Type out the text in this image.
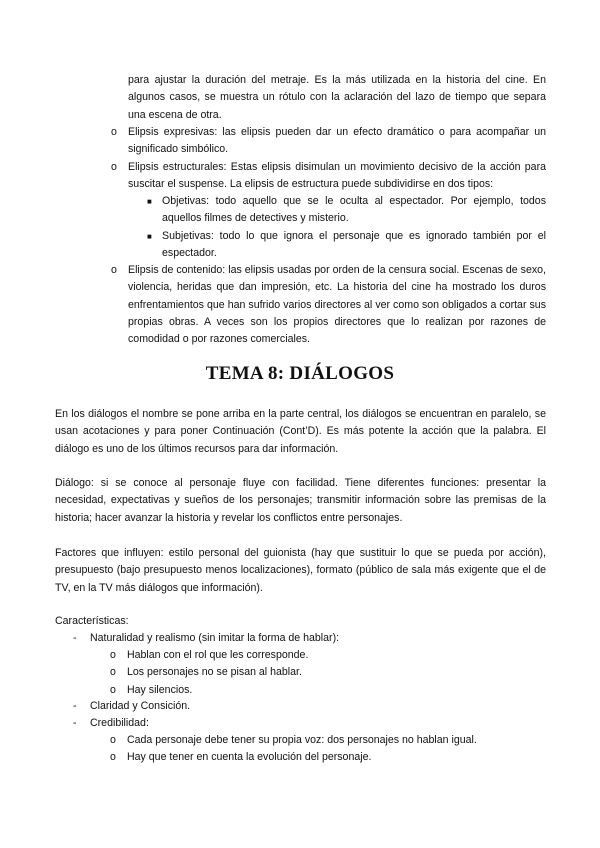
para ajustar la duración del metraje. Es la más utilizada en la historia del cine. En algunos casos, se muestra un rótulo con la aclaración del lazo de tiempo que separa una escena de otra.

o Elipsis expresivas: las elipsis pueden dar un efecto dramático o para acompañar un significado simbólico.
o Elipsis estructurales: Estas elipsis disimulan un movimiento decisivo de la acción para suscitar el suspense. La elipsis de estructura puede subdividirse en dos tipos:
■ Objetivas: todo aquello que se le oculta al espectador. Por ejemplo, todos aquellos filmes de detectives y misterio.
■ Subjetivas: todo lo que ignora el personaje que es ignorado también por el espectador.
o Elipsis de contenido: las elipsis usadas por orden de la censura social. Escenas de sexo, violencia, heridas que dan impresión, etc. La historia del cine ha mostrado los duros enfrentamientos que han sufrido varios directores al ver como son obligados a cortar sus propias obras. A veces son los propios directores que lo realizan por razones de comodidad o por razones comerciales.
TEMA 8: DIÁLOGOS

En los diálogos el nombre se pone arriba en la parte central, los diálogos se encuentran en paralelo, se usan acotaciones y para poner Continuación (Cont’D). Es más potente la acción que la palabra. El diálogo es uno de los últimos recursos para dar información.

Diálogo: si se conoce al personaje fluye con facilidad. Tiene diferentes funciones: presentar la necesidad, expectativas y sueños de los personajes; transmitir información sobre las premisas de la historia; hacer avanzar la historia y revelar los conflictos entre personajes.

Factores que influyen: estilo personal del guionista (hay que sustituir lo que se pueda por acción), presupuesto (bajo presupuesto menos localizaciones), formato (público de sala más exigente que el de TV, en la TV más diálogos que información).

Características:

- Naturalidad y realismo (sin imitar la forma de hablar):
o Hablan con el rol que les corresponde.
o Los personajes no se pisan al hablar.
o Hay silencios.
- Claridad y Consición.
- Credibilidad:
o Cada personaje debe tener su propia voz: dos personajes no hablan igual.
o Hay que tener en cuenta la evolución del personaje.
